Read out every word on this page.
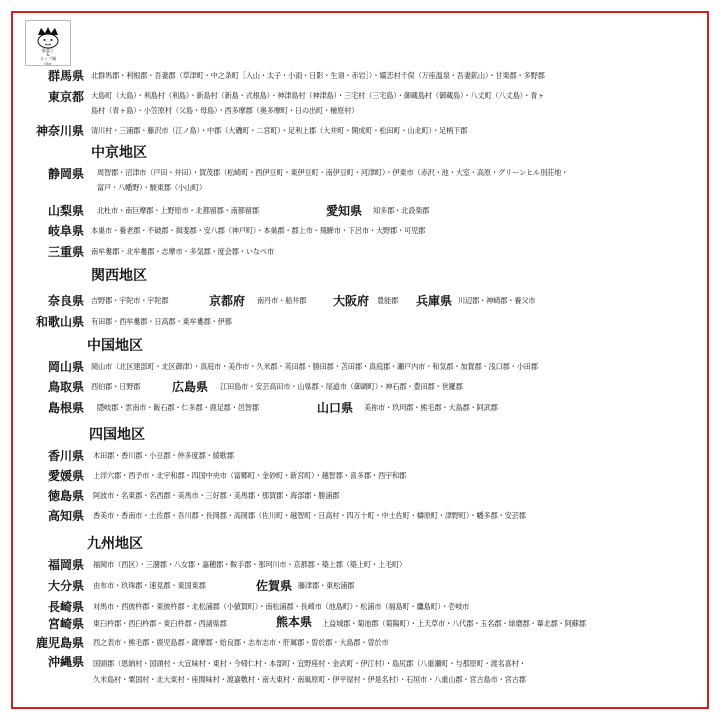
駄菓子
&
カップ麺
Ohe
群馬県 北群馬郡・利根郡・吾妻郡（草津町・中之条町［入山・太子・小雨・日影・生須・赤岩］）・嬬恋村千俣（万座温泉・吾妻鉱山）・甘楽郡・多野郡
東京都 大島町（大島）・利島村（利島）・新島村（新島・式根島）・神津島村（神津島）・三宅村（三宅島）・御蔵島村（御蔵島）・八丈町（八丈島）・青ヶ
島村（青ヶ島）・小笠原村（父島・母島）・西多摩郡（奥多摩町・日の出町・檜原村）
神奈川県 清川村・三浦郡・藤沢市（江ノ島）・中郡（大磯町・二宮町）・足利上郡（大井町・開成町・松田町・山北町）・足柄下郡
中京地区
静岡県 周智郡・沼津市（戸田・井田）・賀茂郡（松崎町・西伊豆町・東伊豆町・南伊豆町・河津町）・伊東市（赤沢・池・大室・高原・グリーンヒル別荘地・
富戸・八幡野）・駿東郡（小山町）
山梨県 北杜市・南巨摩郡・上野原市・北都留郡・南都留郡	愛知県 知多郡・北設楽郡
岐阜県 本巣市・養老郡・不破郡・揖斐郡・安八郡（神戸町）・本巣郡・郡上市・飛騨市・下呂市・大野郡・可児郡
三重県 南牟婁郡・北牟婁郡・志摩市・多気郡・度会郡・いなべ市
関西地区
奈良県 吉野郡・宇陀市・宇陀郡	京都府 南丹市・船井郡 大阪府 豊能郡 兵庫県 川辺郡・神崎郡・養父市
和歌山県 有田郡・西牟婁郡・日高郡・東牟婁郡・伊都
中国地区
岡山県 岡山市（北区建部町・北区御津）・真庭市・美作市・久米郡・英田郡・勝田郡・苫田郡・真庭郡・瀬戸内市・和気郡・加賀郡・浅口郡・小田郡
鳥取県 西伯郡・日野郡	広島県 江田島市・安芸高田市・山県郡・尾道市（御調町）・神石郡・豊田郡・世羅郡
島根県 隠岐郡・雲南市・飯石郡・仁多郡・鹿足郡・邑智郡	山口県 美祢市・玖珂郡・熊毛郡・大島郡・阿武郡
四国地区
香川県 木田郡・香川郡・小豆郡・仲多度郡・綾歌郡
愛媛県 上浮穴郡・西予市・北宇和郡・四国中央市（富郷町・金砂町・新宮町）・越智郡・喜多郡・西宇和郡
徳島県 阿波市・名東郡・名西郡・美馬市・三好郡・美馬郡・那賀郡・海部郡・勝浦郡
高知県 香美市・香南市・土佐郡・吾川郡・長岡郡・高岡郡（佐川町・越智町・日高村・四万十町・中土佐町・檮原町・津野町）・幡多郡・安芸郡
九州地区
福岡県 福岡市（西区）・三潴郡・八女郡・嘉穂郡・鞍手郡・那珂川市・京都郡・築上郡（築上町・上毛町）
大分県 由布市・玖珠郡・速見郡・東国東郡	佐賀県 藤津郡・東松浦郡
長崎県 対馬市・西彼杵郡・東彼杵郡・北松浦郡（小値賀町）・南松浦郡・長崎市（池島町）・松浦市（福島町・鷹島町）・壱岐市
宮崎県 東臼杵郡・西臼杵郡・東臼杵郡・西諸県郡	熊本県 上益城郡・菊池郡（菊陽町）・上天草市・八代郡・玉名郡・球磨郡・葦北郡・阿蘇郡
鹿児島県 西之表市・熊毛郡・鹿児島郡・薩摩郡・姶良郡・志布志市・肝属郡・曽於郡・大島郡・曽於市
沖縄県 国頭郡（恩納村・国頭村・大宜味村・東村・今帰仁村・本部町・宜野座村・金武町・伊江村）・島尻郡（八重瀬町・与那原町・渡名喜村・
久米島村・粟国村・北大東村・座間味村・渡嘉敷村・南大東村・南風原町・伊平屋村・伊是名村）・石垣市・八重山郡・宮古島市・宮古郡
